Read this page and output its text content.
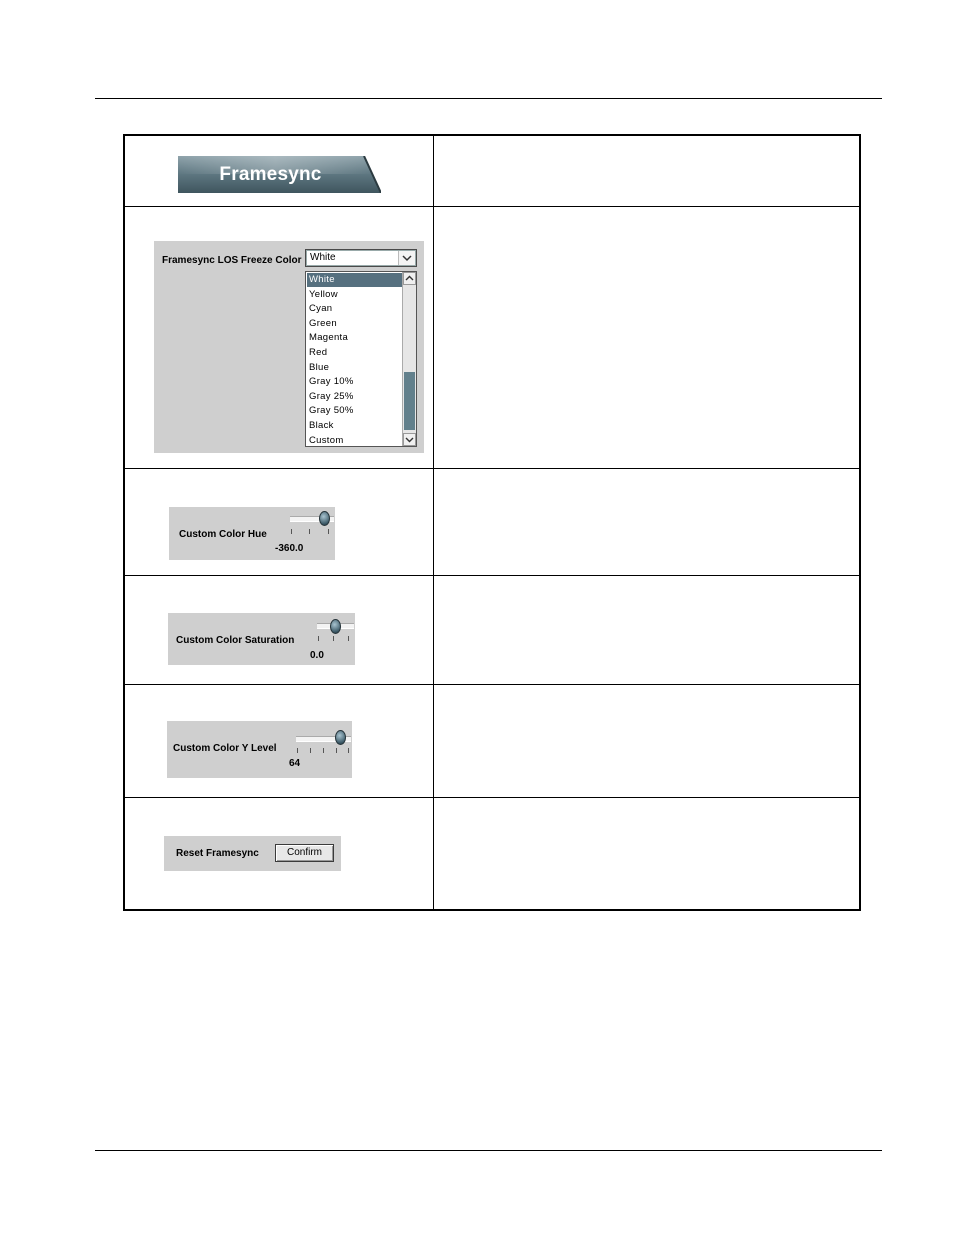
Framesync
Framesync LOS Freeze Color White
White
Yellow
Cyan
Green
Magenta
Red
Blue
Gray 10%
Gray 25%
Gray 50%
Black
Custom
Custom Color Hue
-360.0
Custom Color Saturation
0.0
Custom Color Y Level
64
Reset Framesync	Confirm
